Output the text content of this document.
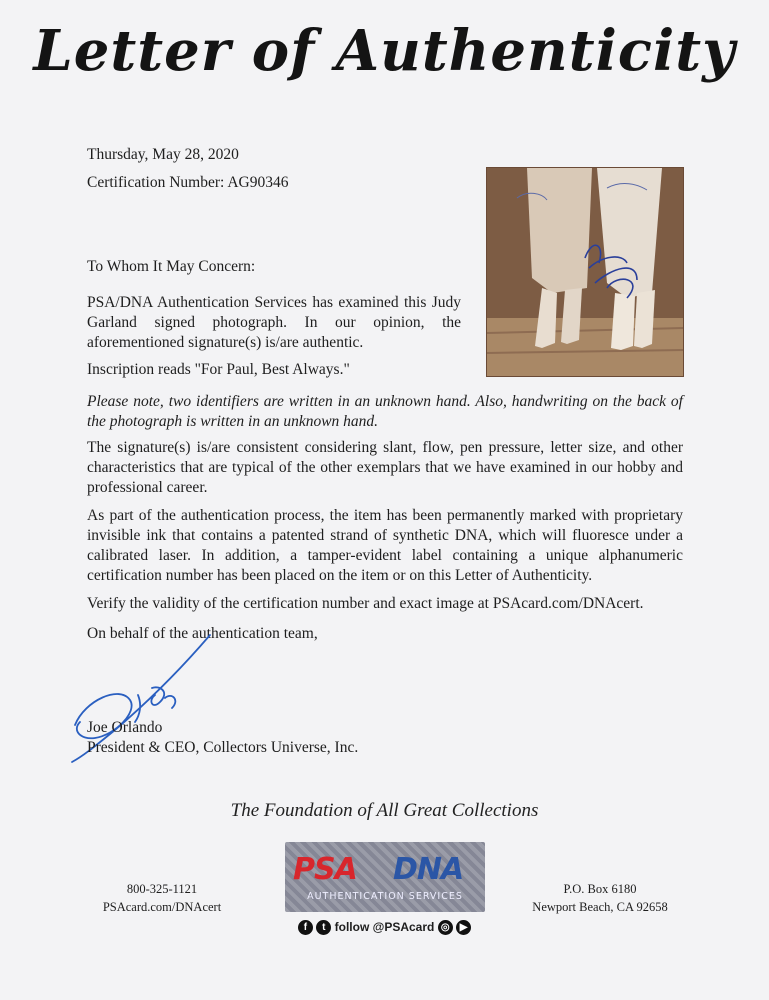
Letter of Authenticity
Thursday, May 28, 2020
Certification Number: AG90346
To Whom It May Concern:
PSA/DNA Authentication Services has examined this Judy Garland signed photograph. In our opinion, the aforementioned signature(s) is/are authentic.
Inscription reads "For Paul, Best Always."
Please note, two identifiers are written in an unknown hand. Also, handwriting on the back of the photograph is written in an unknown hand.
The signature(s) is/are consistent considering slant, flow, pen pressure, letter size, and other characteristics that are typical of the other exemplars that we have examined in our hobby and professional career.
As part of the authentication process, the item has been permanently marked with proprietary invisible ink that contains a patented strand of synthetic DNA, which will fluoresce under a calibrated laser. In addition, a tamper-evident label containing a unique alphanumeric certification number has been placed on the item or on this Letter of Authenticity.
Verify the validity of the certification number and exact image at PSAcard.com/DNAcert.
On behalf of the authentication team,
Joe Orlando
President & CEO, Collectors Universe, Inc.
The Foundation of All Great Collections
800-325-1121
PSAcard.com/DNAcert
PSA DNA
AUTHENTICATION SERVICES
P.O. Box 6180
Newport Beach, CA 92658
f t follow @PSAcard ◎ ▶
